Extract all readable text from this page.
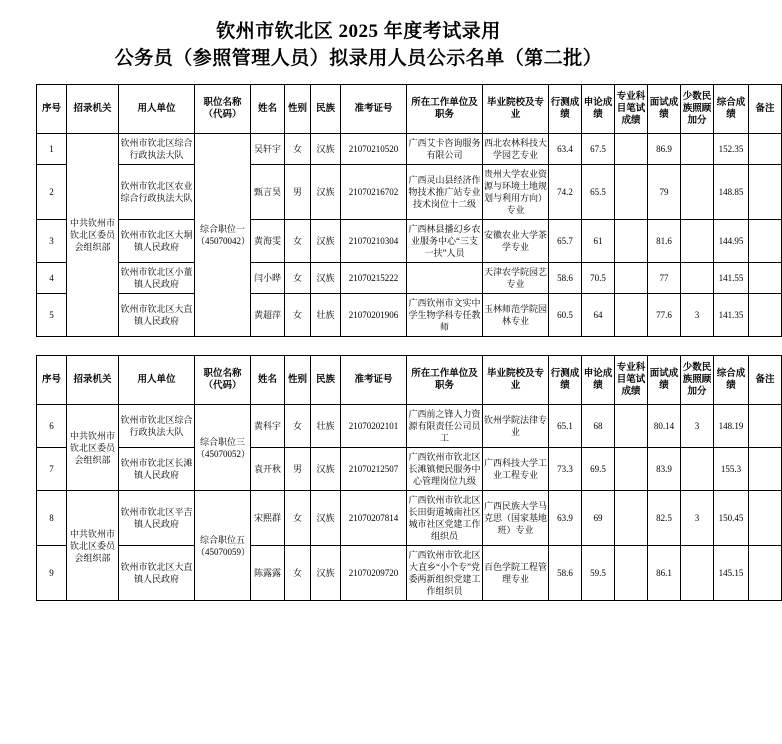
钦州市钦北区 2025 年度考试录用
公务员（参照管理人员）拟录用人员公示名单（第二批）
序号	招录机关	用人单位	职位名称（代码）	姓名	性别	民族	准考证号	所在工作单位及职务	毕业院校及专业	行测成绩	申论成绩	专业科目笔试成绩	面试成绩	少数民族照顾加分	综合成绩	备注
1	中共钦州市钦北区委员会组织部	钦州市钦北区综合行政执法大队	综合职位一（45070042）	吴轩宇	女	汉族	21070210520	广西艾卡咨询服务有限公司	西北农林科技大学园艺专业	63.4	67.5		86.9		152.35	
2		钦州市钦北区农业综合行政执法大队		甄言昊	男	汉族	21070216702	广西灵山县经济作物技术推广站专业技术岗位十二级	贵州大学农业资源与环境土地规划与利用方向）专业	74.2	65.5		79		148.85	
3		钦州市钦北区大垌镇人民政府		黄海雯	女	汉族	21070210304	广西林县播幻乡农业服务中心“三支一扶”人员	安徽农业大学茶学专业	65.7	61		81.6		144.95	
4		钦州市钦北区小董镇人民政府		闫小晔	女	汉族	21070215222		天津农学院园艺专业	58.6	70.5		77		141.55	
5		钦州市钦北区大直镇人民政府		黄超萍	女	壮族	21070201906	广西钦州市文实中学生物学科专任教师	玉林师范学院园林专业	60.5	64		77.6	3	141.35	
序号	招录机关	用人单位	职位名称（代码）	姓名	性别	民族	准考证号	所在工作单位及职务	毕业院校及专业	行测成绩	申论成绩	专业科目笔试成绩	面试成绩	少数民族照顾加分	综合成绩	备注
6	中共钦州市钦北区委员会组织部	钦州市钦北区综合行政执法大队	综合职位三（45070052）	黄科宇	女	壮族	21070202101	广西前之锋人力资源有限责任公司员工	钦州学院法律专业	65.1	68		80.14	3	148.19	
7		钦州市钦北区长滩镇人民政府		袁开秋	男	汉族	21070212507	广西钦州市钦北区长滩镇便民服务中心管理岗位九级	广西科技大学工业工程专业	73.3	69.5		83.9		155.3	
8	中共钦州市钦北区委员会组织部	钦州市钦北区平吉镇人民政府	综合职位五（45070059）	宋熙群	女	汉族	21070207814	广西钦州市钦北区长田街道城南社区城市社区党建工作组织员	广西民族大学马克思（国家基地班）专业	63.9	69		82.5	3	150.45	
9		钦州市钦北区大直镇人民政府		陈露露	女	汉族	21070209720	广西钦州市钦北区大直乡“小个专”党委两新组织党建工作组织员	百色学院工程管理专业	58.6	59.5		86.1		145.15	
